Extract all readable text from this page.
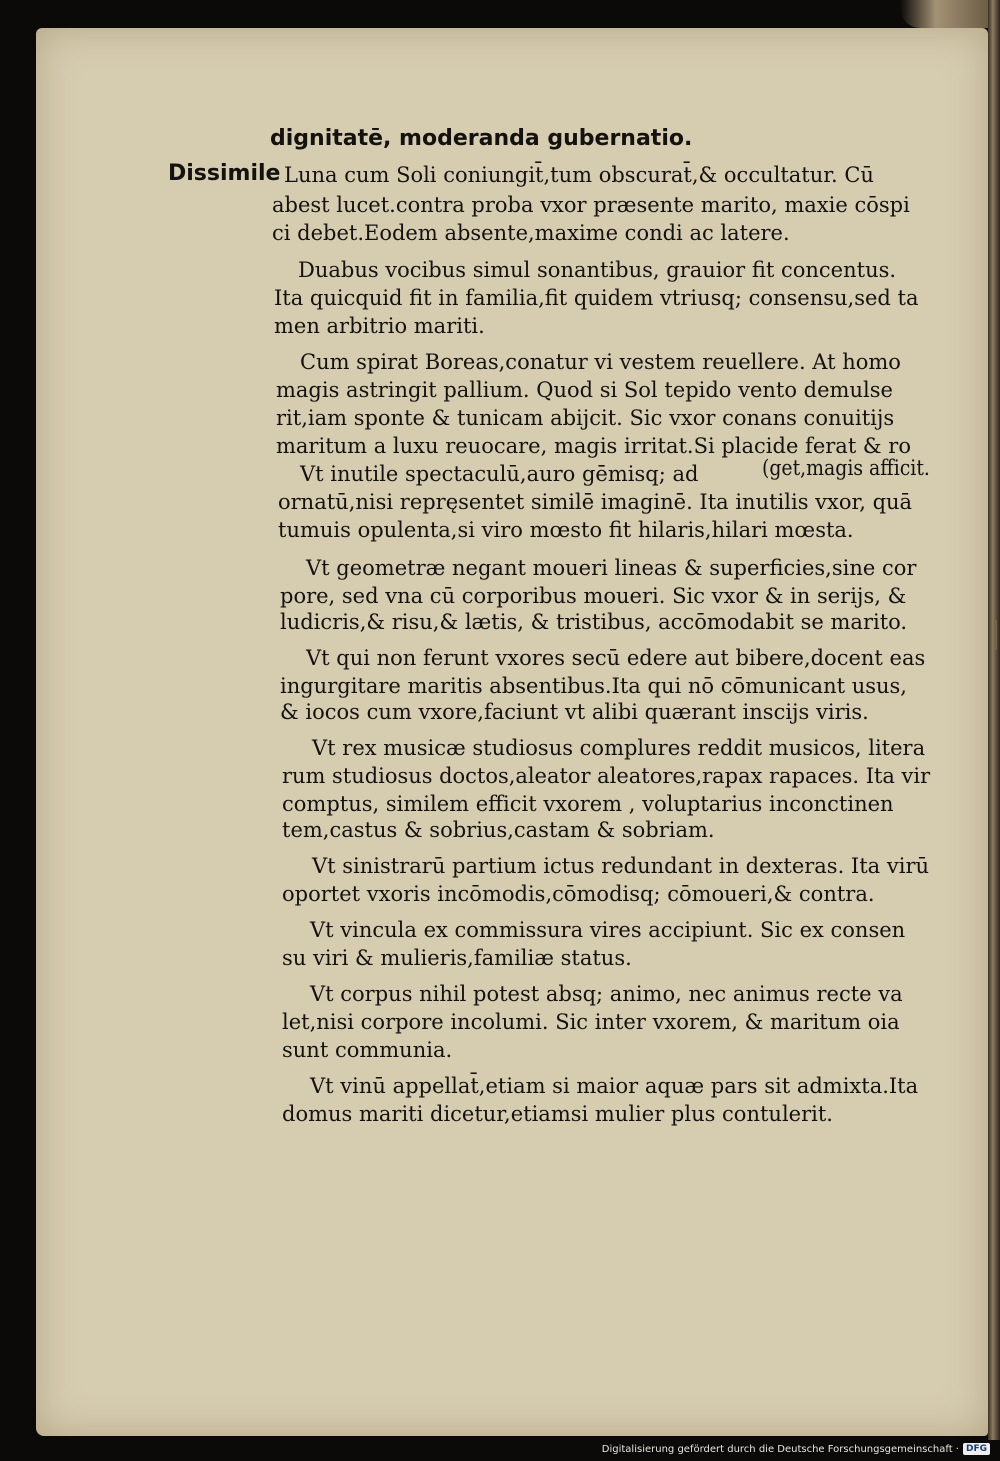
Dissimile
dignitatē, moderanda gubernatio.
Luna cum Soli coniungit̄,tum obscurat̄,& occultatur. Cū
abest lucet.contra proba vxor præsente marito, maxie cōspi
ci debet.Eodem absente,maxime condi ac latere.
Duabus vocibus simul sonantibus, grauior fit concentus.
Ita quicquid fit in familia,fit quidem vtriusq; consensu,sed ta
men arbitrio mariti.
Cum spirat Boreas,conatur vi vestem reuellere. At homo
magis astringit pallium. Quod si Sol tepido vento demulse
rit,iam sponte & tunicam abijcit. Sic vxor conans conuitijs
maritum a luxu reuocare, magis irritat.Si placide ferat & ro
Vt inutile spectaculū,auro gēmisq; ad	(get,magis afficit.
ornatū,nisi repręsentet similē imaginē. Ita inutilis vxor, quā
tumuis opulenta,si viro mœsto fit hilaris,hilari mœsta.
Vt geometræ negant moueri lineas & superficies,sine cor
pore, sed vna cū corporibus moueri. Sic vxor & in serijs, &
ludicris,& risu,& lætis, & tristibus, accōmodabit se marito.
Vt qui non ferunt vxores secū edere aut bibere,docent eas
ingurgitare maritis absentibus.Ita qui nō cōmunicant usus,
& iocos cum vxore,faciunt vt alibi quærant inscijs viris.
Vt rex musicæ studiosus complures reddit musicos, litera
rum studiosus doctos,aleator aleatores,rapax rapaces. Ita vir
comptus, similem efficit vxorem , voluptarius inconctinen
tem,castus & sobrius,castam & sobriam.
Vt sinistrarū partium ictus redundant in dexteras. Ita virū
oportet vxoris incōmodis,cōmodisq; cōmoueri,& contra.
Vt vincula ex commissura vires accipiunt. Sic ex consen
su viri & mulieris,familiæ status.
Vt corpus nihil potest absq; animo, nec animus recte va
let,nisi corpore incolumi. Sic inter vxorem, & maritum oia
sunt communia.
Vt vinū appellat̄,etiam si maior aquæ pars sit admixta.Ita
domus mariti dicetur,etiamsi mulier plus contulerit.
Digitalisierung gefördert durch die Deutsche Forschungsgemeinschaft · DFG
